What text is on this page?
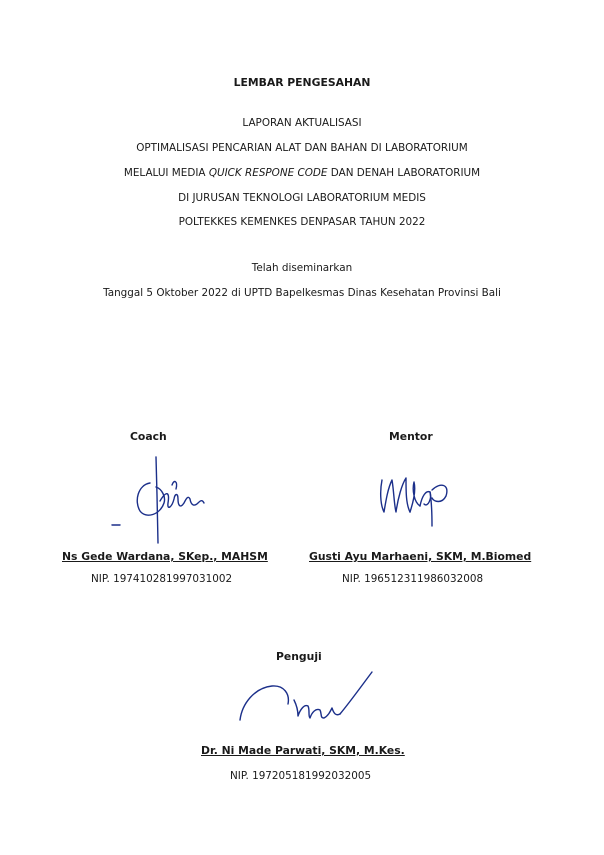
LEMBAR PENGESAHAN
LAPORAN AKTUALISASI
OPTIMALISASI PENCARIAN ALAT DAN BAHAN DI LABORATORIUM
MELALUI MEDIA QUICK RESPONE CODE DAN DENAH LABORATORIUM
DI JURUSAN TEKNOLOGI LABORATORIUM MEDIS
POLTEKKES KEMENKES DENPASAR TAHUN 2022
Telah diseminarkan
Tanggal 5 Oktober 2022 di UPTD Bapelkesmas Dinas Kesehatan Provinsi Bali
Coach
Ns Gede Wardana, SKep., MAHSM
NIP. 197410281997031002
Mentor
Gusti Ayu Marhaeni, SKM, M.Biomed
NIP. 196512311986032008
Penguji
Dr. Ni Made Parwati, SKM, M.Kes.
NIP. 197205181992032005
